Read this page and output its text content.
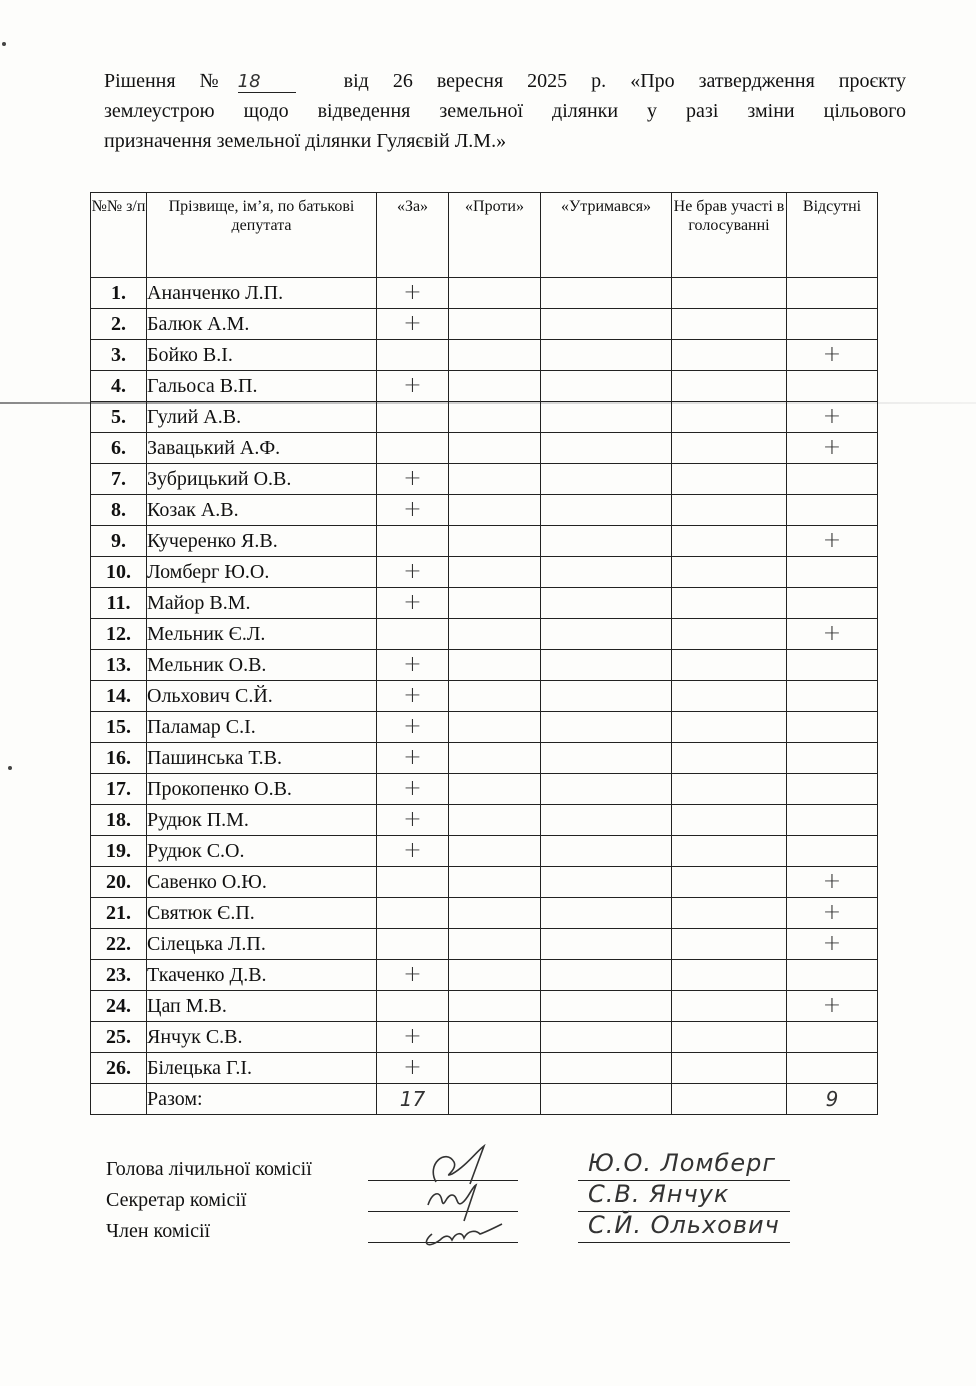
Рішення №18	від 26 вересня 2025 р. «Про затвердження проєкту
землеустрою щодо відведення земельної ділянки у разі зміни цільового
призначення земельної ділянки Гуляєвій Л.М.»
№№ з/п	Прізвище, ім’я, по батькові депутата	«За»	«Проти»	«Утримався»	Не брав участі в голосуванні	Відсутні
1.	Ананченко Л.П.	+				
2.	Балюк А.М.	+				
3.	Бойко В.І.					+
4.	Гальоса В.П.	+				
5.	Гулий А.В.					+
6.	Завацький А.Ф.					+
7.	Зубрицький О.В.	+				
8.	Козак А.В.	+				
9.	Кучеренко Я.В.					+
10.	Ломберг Ю.О.	+				
11.	Майор В.М.	+				
12.	Мельник Є.Л.					+
13.	Мельник О.В.	+				
14.	Ольхович С.Й.	+				
15.	Паламар С.І.	+				
16.	Пашинська Т.В.	+				
17.	Прокопенко О.В.	+				
18.	Рудюк П.М.	+				
19.	Рудюк С.О.	+				
20.	Савенко О.Ю.					+
21.	Святюк Є.П.					+
22.	Сілецька Л.П.					+
23.	Ткаченко Д.В.	+				
24.	Цап М.В.					+
25.	Янчук С.В.	+				
26.	Білецька Г.І.	+				
	Разом:	17				9
Голова лічильної комісії	Ю.О. Ломберг
Секретар комісії	С.В. Янчук
Член комісії	С.Й. Ольхович
